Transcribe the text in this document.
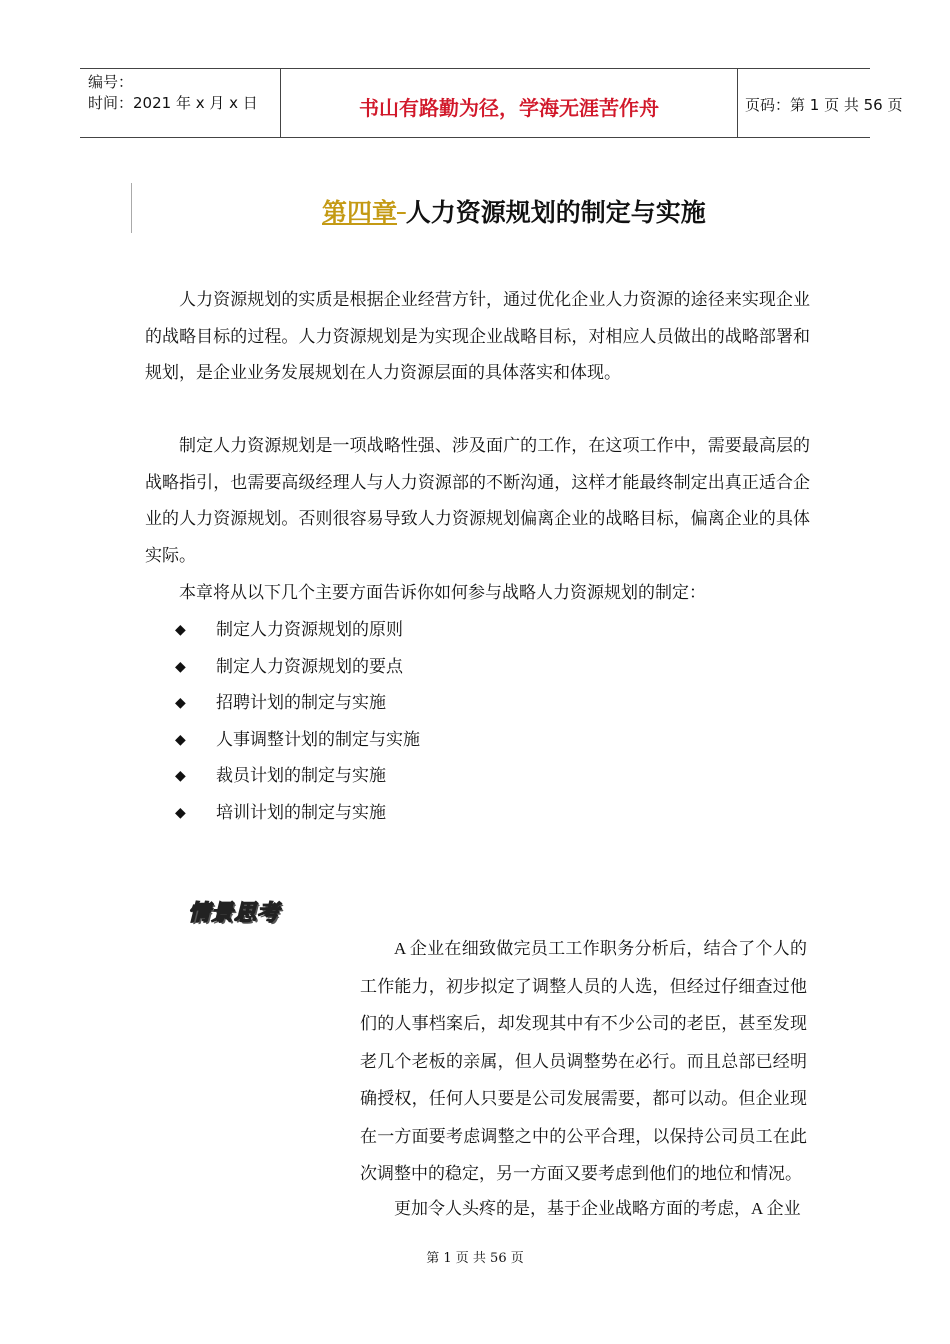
编号：
时间：2021 年 x 月 x 日	书山有路勤为径，学海无涯苦作舟	页码：第 1 页 共 56 页
第四章 人力资源规划的制定与实施

人力资源规划的实质是根据企业经营方针，通过优化企业人力资源的途径来实现企业的战略目标的过程。人力资源规划是为实现企业战略目标，对相应人员做出的战略部署和规划，是企业业务发展规划在人力资源层面的具体落实和体现。

制定人力资源规划是一项战略性强、涉及面广的工作，在这项工作中，需要最高层的战略指引，也需要高级经理人与人力资源部的不断沟通，这样才能最终制定出真正适合企业的人力资源规划。否则很容易导致人力资源规划偏离企业的战略目标，偏离企业的具体实际。

本章将从以下几个主要方面告诉你如何参与战略人力资源规划的制定：

◆ 制定人力资源规划的原则
◆ 制定人力资源规划的要点
◆ 招聘计划的制定与实施
◆ 人事调整计划的制定与实施
◆ 裁员计划的制定与实施
◆ 培训计划的制定与实施
情景思考

A 企业在细致做完员工工作职务分析后，结合了个人的工作能力，初步拟定了调整人员的人选，但经过仔细查过他们的人事档案后，却发现其中有不少公司的老臣，甚至发现老几个老板的亲属，但人员调整势在必行。而且总部已经明确授权，任何人只要是公司发展需要，都可以动。但企业现在一方面要考虑调整之中的公平合理，以保持公司员工在此次调整中的稳定，另一方面又要考虑到他们的地位和情况。

更加令人头疼的是，基于企业战略方面的考虑，A 企业

第 1 页 共 56 页
